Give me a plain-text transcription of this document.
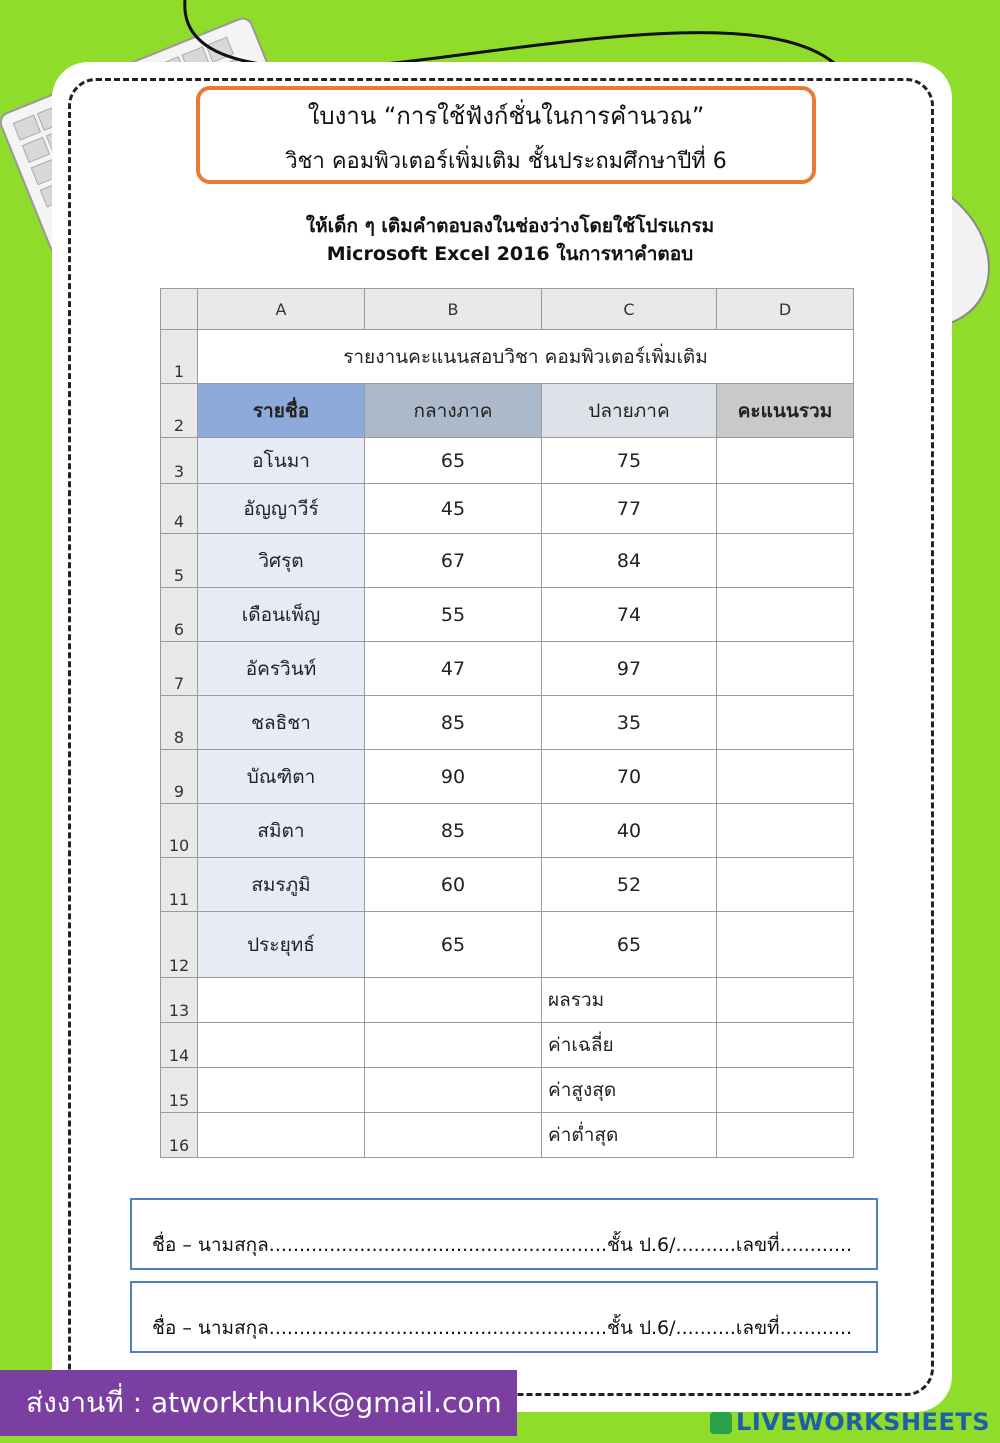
ใบงาน “การใช้ฟังก์ชั่นในการคำนวณ”
วิชา คอมพิวเตอร์เพิ่มเติม ชั้นประถมศึกษาปีที่ 6
ให้เด็ก ๆ เติมคำตอบลงในช่องว่างโดยใช้โปรแกรม
Microsoft Excel 2016 ในการหาคำตอบ
	A	B	C	D
1	รายงานคะแนนสอบวิชา คอมพิวเตอร์เพิ่มเติม			
2	รายชื่อ	กลางภาค	ปลายภาค	คะแนนรวม
3	อโนมา	65	75	
4	อัญญาวีร์	45	77	
5	วิศรุต	67	84	
6	เดือนเพ็ญ	55	74	
7	อัครวินท์	47	97	
8	ชลธิชา	85	35	
9	บัณฑิตา	90	70	
10	สมิตา	85	40	
11	สมรภูมิ	60	52	
12	ประยุทธ์	65	65	
13			ผลรวม	
14			ค่าเฉลี่ย	
15			ค่าสูงสุด	
16			ค่าต่ำสุด	
ชื่อ – นามสกุล........................................................ชั้น ป.6/..........เลขที่............
ชื่อ – นามสกุล........................................................ชั้น ป.6/..........เลขที่............
ส่งงานที่ : atworkthunk@gmail.com
LIVEWORKSHEETS
